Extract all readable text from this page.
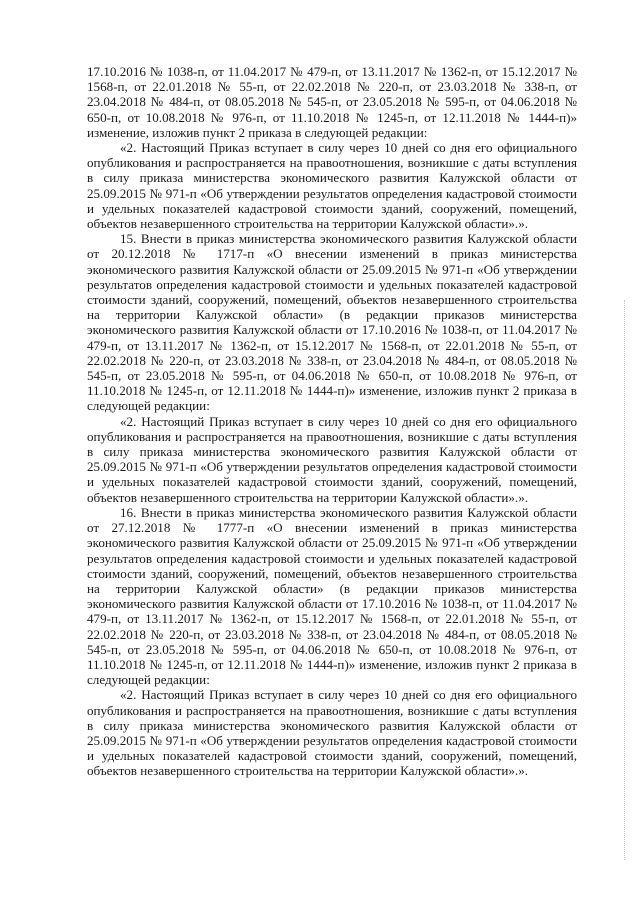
17.10.2016 № 1038-п, от 11.04.2017 № 479-п, от 13.11.2017 № 1362-п, от 15.12.2017 № 1568-п, от 22.01.2018 № 55-п, от 22.02.2018 № 220-п, от 23.03.2018 № 338-п, от 23.04.2018 № 484-п, от 08.05.2018 № 545-п, от 23.05.2018 № 595-п, от 04.06.2018 № 650-п, от 10.08.2018 № 976-п, от 11.10.2018 № 1245-п, от 12.11.2018 № 1444-п)» изменение, изложив пункт 2 приказа в следующей редакции:

«2. Настоящий Приказ вступает в силу через 10 дней со дня его официального опубликования и распространяется на правоотношения, возникшие с даты вступления в силу приказа министерства экономического развития Калужской области от 25.09.2015 № 971-п «Об утверждении результатов определения кадастровой стоимости и удельных показателей кадастровой стоимости зданий, сооружений, помещений, объектов незавершенного строительства на территории Калужской области».».

15. Внести в приказ министерства экономического развития Калужской области от 20.12.2018 № 1717-п «О внесении изменений в приказ министерства экономического развития Калужской области от 25.09.2015 № 971-п «Об утверждении результатов определения кадастровой стоимости и удельных показателей кадастровой стоимости зданий, сооружений, помещений, объектов незавершенного строительства на территории Калужской области» (в редакции приказов министерства экономического развития Калужской области от 17.10.2016 № 1038-п, от 11.04.2017 № 479-п, от 13.11.2017 № 1362-п, от 15.12.2017 № 1568-п, от 22.01.2018 № 55-п, от 22.02.2018 № 220-п, от 23.03.2018 № 338-п, от 23.04.2018 № 484-п, от 08.05.2018 № 545-п, от 23.05.2018 № 595-п, от 04.06.2018 № 650-п, от 10.08.2018 № 976-п, от 11.10.2018 № 1245-п, от 12.11.2018 № 1444-п)» изменение, изложив пункт 2 приказа в следующей редакции:

«2. Настоящий Приказ вступает в силу через 10 дней со дня его официального опубликования и распространяется на правоотношения, возникшие с даты вступления в силу приказа министерства экономического развития Калужской области от 25.09.2015 № 971-п «Об утверждении результатов определения кадастровой стоимости и удельных показателей кадастровой стоимости зданий, сооружений, помещений, объектов незавершенного строительства на территории Калужской области».».

16. Внести в приказ министерства экономического развития Калужской области от 27.12.2018 № 1777-п «О внесении изменений в приказ министерства экономического развития Калужской области от 25.09.2015 № 971-п «Об утверждении результатов определения кадастровой стоимости и удельных показателей кадастровой стоимости зданий, сооружений, помещений, объектов незавершенного строительства на территории Калужской области» (в редакции приказов министерства экономического развития Калужской области от 17.10.2016 № 1038-п, от 11.04.2017 № 479-п, от 13.11.2017 № 1362-п, от 15.12.2017 № 1568-п, от 22.01.2018 № 55-п, от 22.02.2018 № 220-п, от 23.03.2018 № 338-п, от 23.04.2018 № 484-п, от 08.05.2018 № 545-п, от 23.05.2018 № 595-п, от 04.06.2018 № 650-п, от 10.08.2018 № 976-п, от 11.10.2018 № 1245-п, от 12.11.2018 № 1444-п)» изменение, изложив пункт 2 приказа в следующей редакции:

«2. Настоящий Приказ вступает в силу через 10 дней со дня его официального опубликования и распространяется на правоотношения, возникшие с даты вступления в силу приказа министерства экономического развития Калужской области от 25.09.2015 № 971-п «Об утверждении результатов определения кадастровой стоимости и удельных показателей кадастровой стоимости зданий, сооружений, помещений, объектов незавершенного строительства на территории Калужской области».».
